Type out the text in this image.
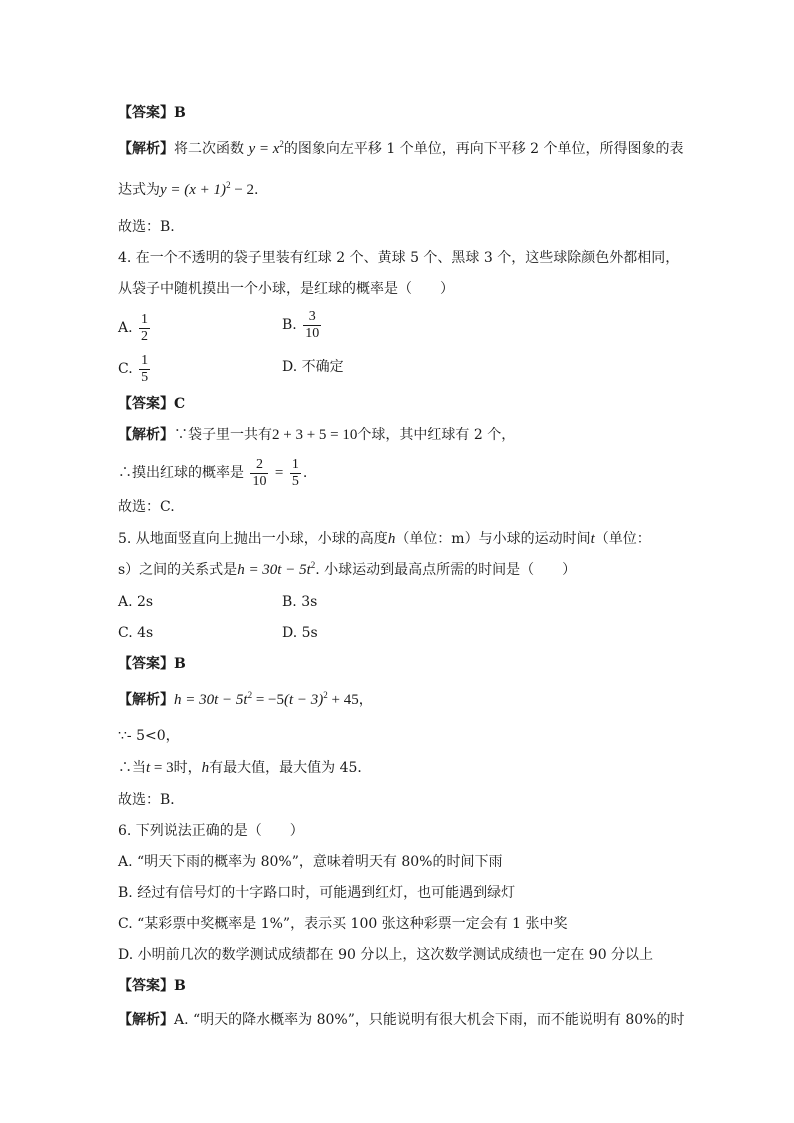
【答案】B
【解析】将二次函数 $y = x^2$的图象向左平移 1 个单位，再向下平移 2 个单位，所得图象的表
达式为$y = (x + 1)^2 - 2$.
故选：B.
4. 在一个不透明的袋子里装有红球 2 个、黄球 5 个、黑球 3 个，这些球除颜色外都相同，
从袋子中随机摸出一个小球，是红球的概率是（　　）
A. $\frac{1}{2}$	B. $\frac{3}{10}$
C. $\frac{1}{5}$	D. 不确定
【答案】C
【解析】∵袋子里一共有2 + 3 + 5 = 10个球，其中红球有 2 个，
∴摸出红球的概率是 $\frac{2}{10} = \frac{1}{5}$ .
故选：C.
5. 从地面竖直向上抛出一小球，小球的高度h（单位：m）与小球的运动时间t（单位：
s）之间的关系式是$h = 30t - 5t^2$. 小球运动到最高点所需的时间是（　　）
A. 2s	B. 3s
C. 4s	D. 5s
【答案】B
【解析】$h = 30t - 5t^2 = -5(t - 3)^2 + 45$，
∵- 5<0，
∴当t = 3时，h有最大值，最大值为 45．
故选：B．
6. 下列说法正确的是（　　）
A. “明天下雨的概率为 80%”，意味着明天有 80%的时间下雨
B. 经过有信号灯的十字路口时，可能遇到红灯，也可能遇到绿灯
C. “某彩票中奖概率是 1%”，表示买 100 张这种彩票一定会有 1 张中奖
D. 小明前几次的数学测试成绩都在 90 分以上，这次数学测试成绩也一定在 90 分以上
【答案】B
【解析】A. “明天的降水概率为 80%”，只能说明有很大机会下雨，而不能说明有 80%的时
